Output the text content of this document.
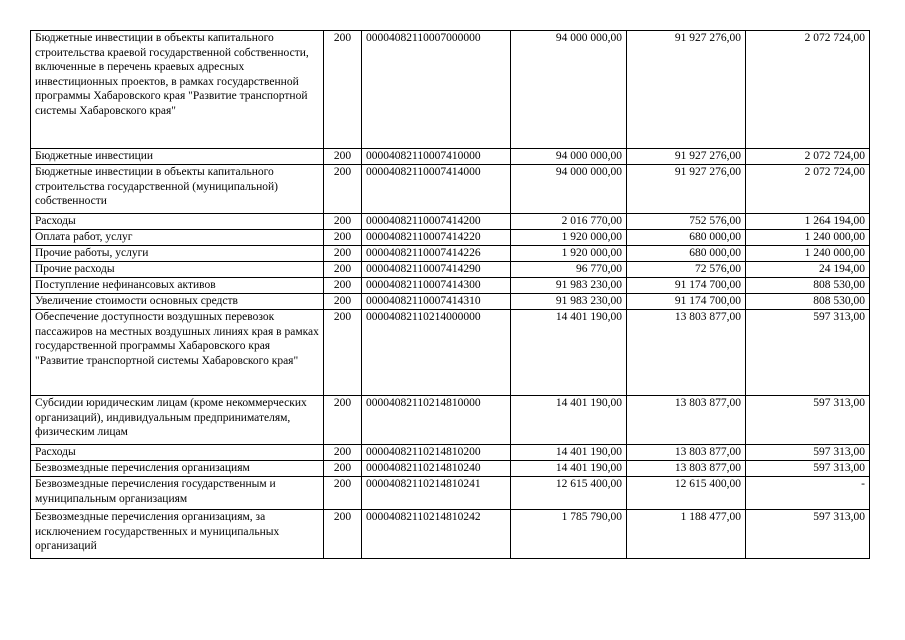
Бюджетные инвестиции в объекты капитального строительства краевой государственной собственности, включенные в перечень краевых адресных инвестиционных проектов, в рамках государственной программы Хабаровского края "Развитие транспортной системы Хабаровского края"	200	00004082110007000000	94 000 000,00	91 927 276,00	2 072 724,00
Бюджетные инвестиции	200	00004082110007410000	94 000 000,00	91 927 276,00	2 072 724,00
Бюджетные инвестиции в объекты капитального строительства государственной (муниципальной) собственности	200	00004082110007414000	94 000 000,00	91 927 276,00	2 072 724,00
Расходы	200	00004082110007414200	2 016 770,00	752 576,00	1 264 194,00
Оплата работ, услуг	200	00004082110007414220	1 920 000,00	680 000,00	1 240 000,00
Прочие работы, услуги	200	00004082110007414226	1 920 000,00	680 000,00	1 240 000,00
Прочие расходы	200	00004082110007414290	96 770,00	72 576,00	24 194,00
Поступление нефинансовых активов	200	00004082110007414300	91 983 230,00	91 174 700,00	808 530,00
Увеличение стоимости основных средств	200	00004082110007414310	91 983 230,00	91 174 700,00	808 530,00
Обеспечение доступности воздушных перевозок пассажиров на местных воздушных линиях края в рамках государственной программы Хабаровского края "Развитие транспортной системы Хабаровского края"	200	00004082110214000000	14 401 190,00	13 803 877,00	597 313,00
Субсидии юридическим лицам (кроме некоммерческих организаций), индивидуальным предпринимателям, физическим лицам	200	00004082110214810000	14 401 190,00	13 803 877,00	597 313,00
Расходы	200	00004082110214810200	14 401 190,00	13 803 877,00	597 313,00
Безвозмездные перечисления организациям	200	00004082110214810240	14 401 190,00	13 803 877,00	597 313,00
Безвозмездные перечисления государственным и муниципальным организациям	200	00004082110214810241	12 615 400,00	12 615 400,00	-
Безвозмездные перечисления организациям, за исключением государственных и муниципальных организаций	200	00004082110214810242	1 785 790,00	1 188 477,00	597 313,00
